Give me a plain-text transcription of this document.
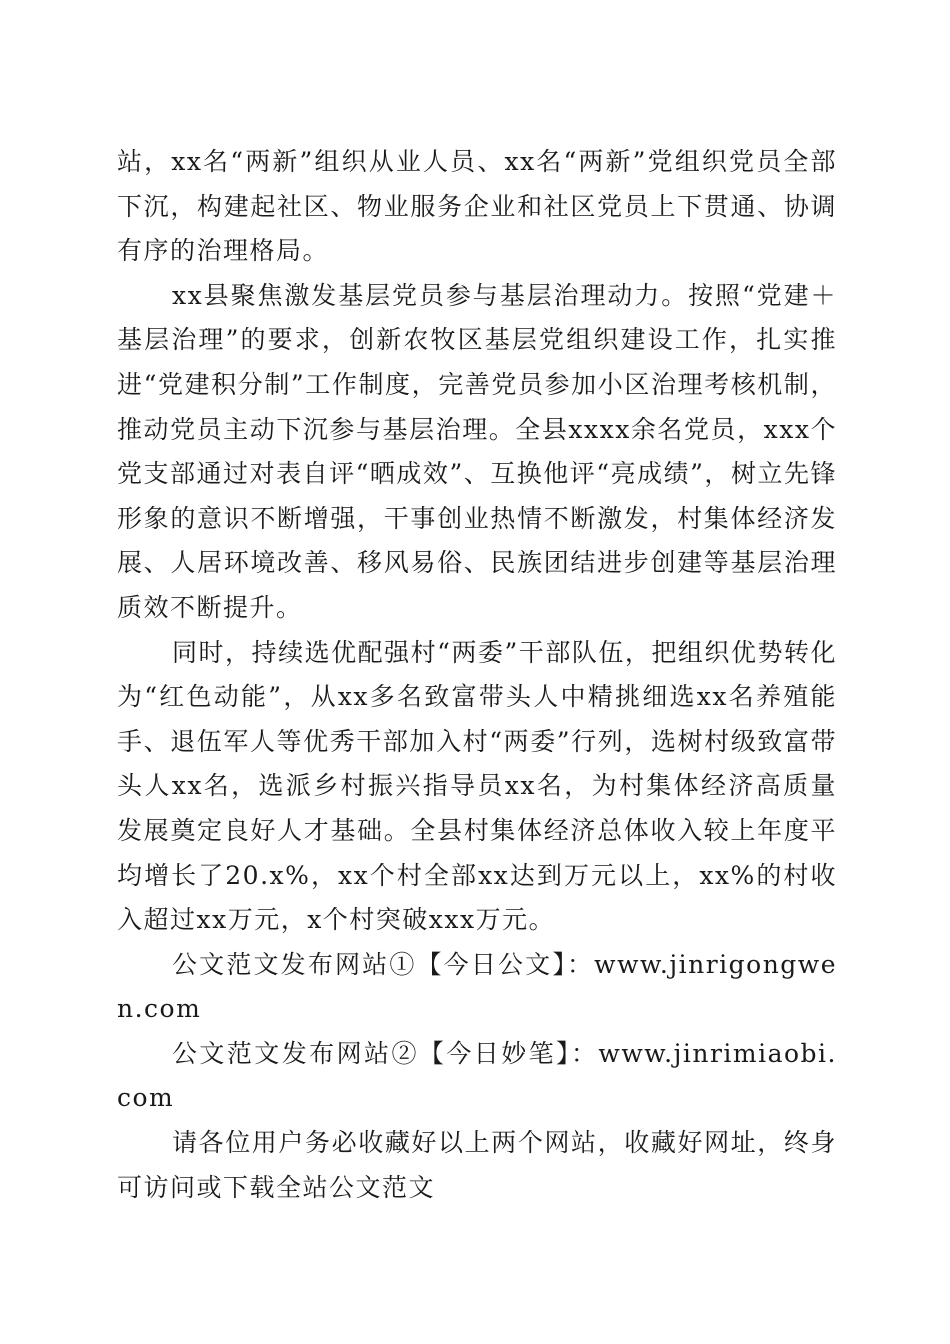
站，xx名“两新”组织从业人员、xx名“两新”党组织党员全部下沉，构建起社区、物业服务企业和社区党员上下贯通、协调有序的治理格局。

xx县聚焦激发基层党员参与基层治理动力。按照“党建＋基层治理”的要求，创新农牧区基层党组织建设工作，扎实推进“党建积分制”工作制度，完善党员参加小区治理考核机制，推动党员主动下沉参与基层治理。全县xxxx余名党员，xxx个党支部通过对表自评“晒成效”、互换他评“亮成绩”，树立先锋形象的意识不断增强，干事创业热情不断激发，村集体经济发展、人居环境改善、移风易俗、民族团结进步创建等基层治理质效不断提升。

同时，持续选优配强村“两委”干部队伍，把组织优势转化为“红色动能”，从xx多名致富带头人中精挑细选xx名养殖能手、退伍军人等优秀干部加入村“两委”行列，选树村级致富带头人xx名，选派乡村振兴指导员xx名，为村集体经济高质量发展奠定良好人才基础。全县村集体经济总体收入较上年度平均增长了20.x%，xx个村全部xx达到万元以上，xx%的村收入超过xx万元，x个村突破xxx万元。

公文范文发布网站①【今日公文】：www.jinrigongwen.com

公文范文发布网站②【今日妙笔】：www.jinrimiaobi.com

请各位用户务必收藏好以上两个网站，收藏好网址，终身可访问或下载全站公文范文
